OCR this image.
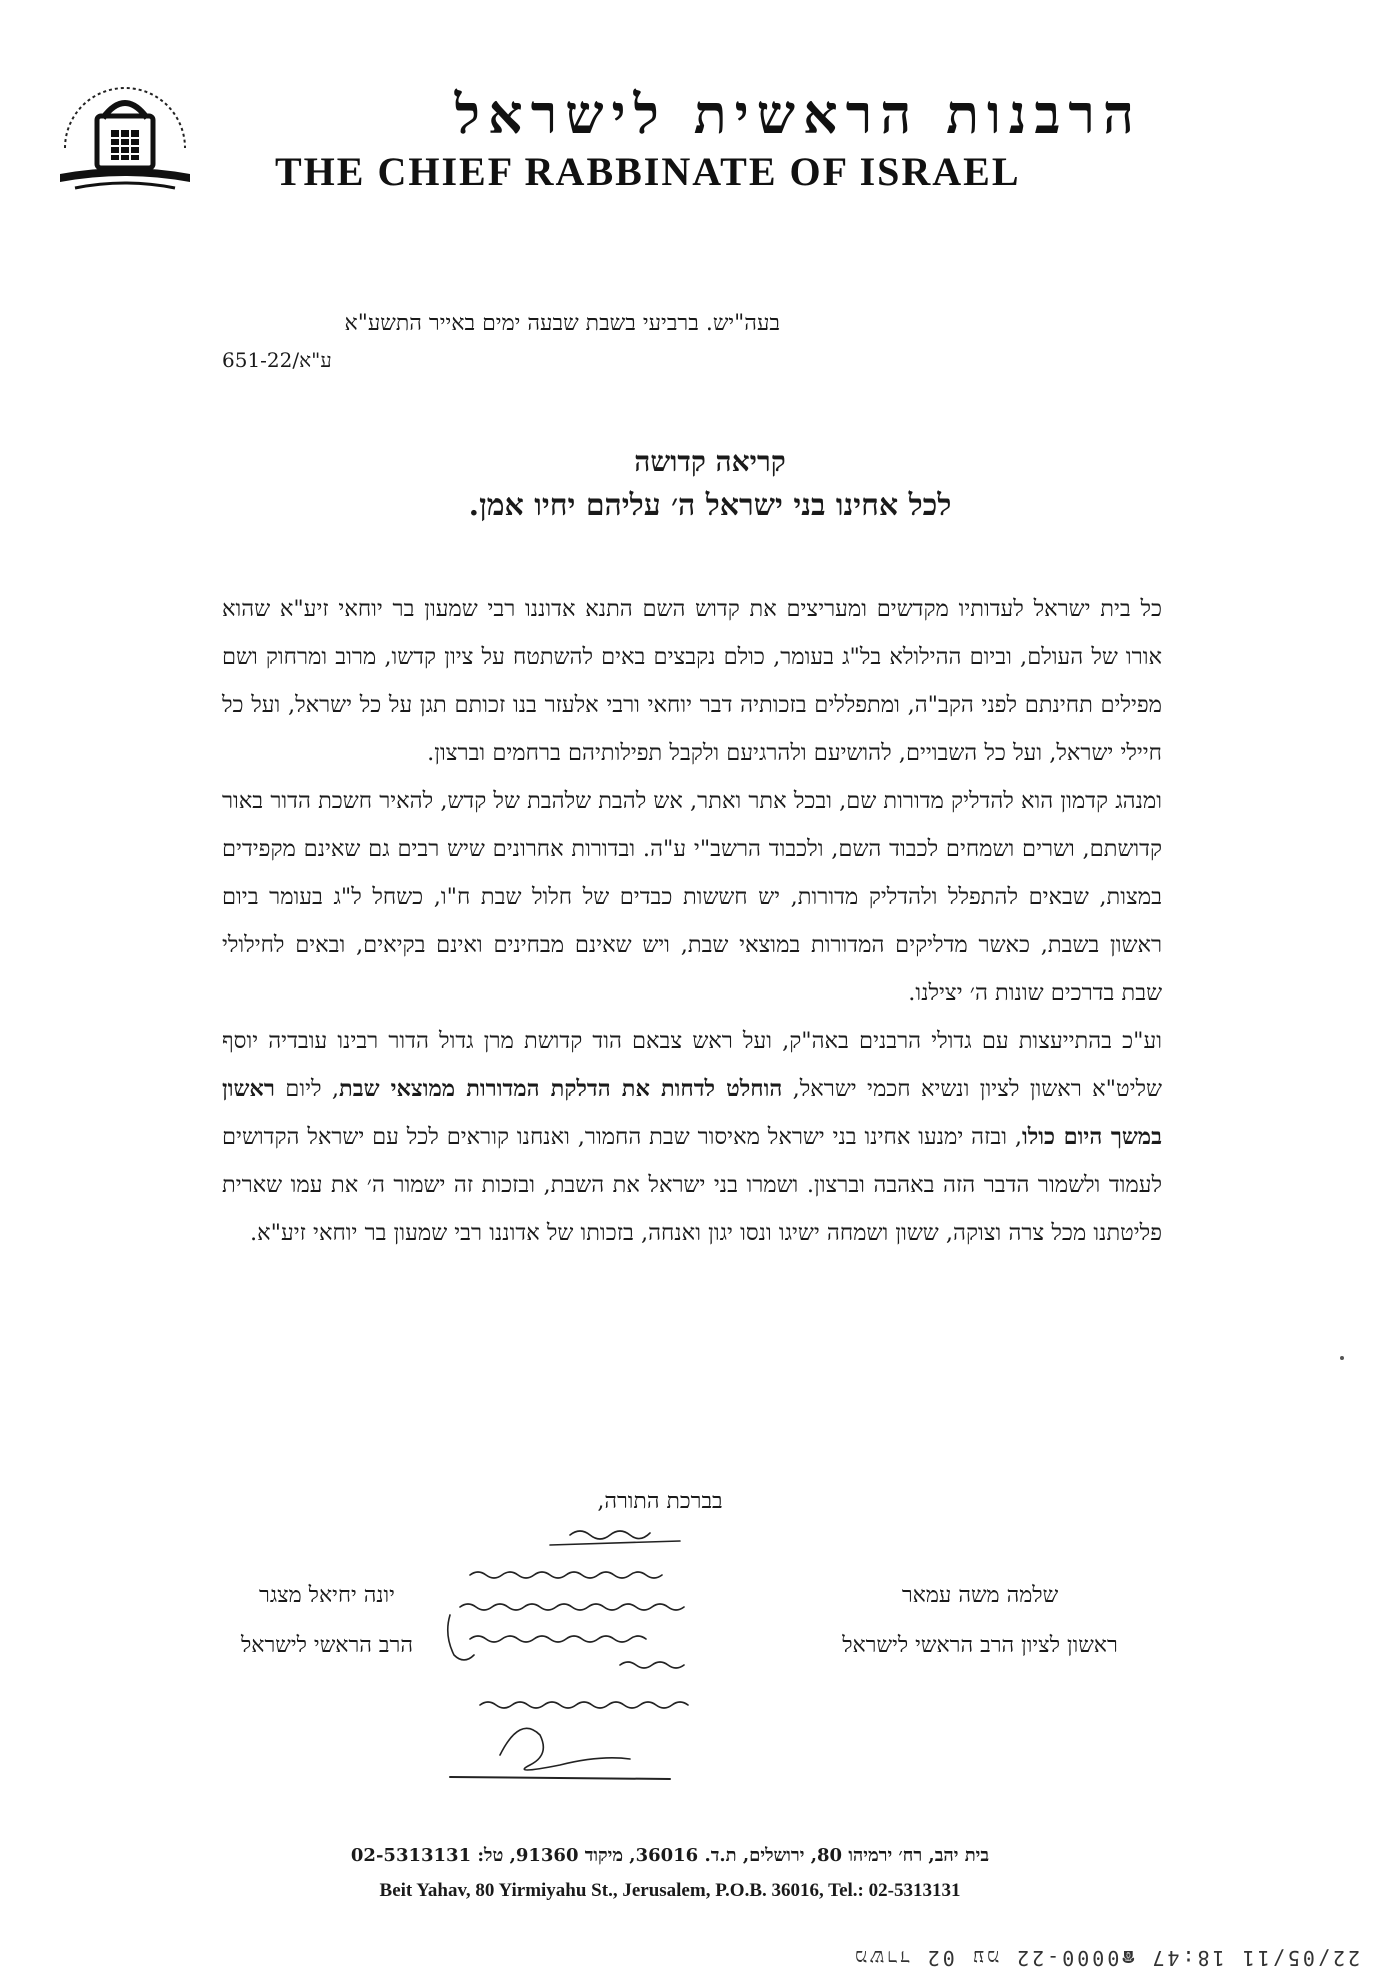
הרבנות הראשית לישראל
THE CHIEF RABBINATE OF ISRAEL
בעה"יש. ברביעי בשבת שבעה ימים באייר התשע"א
ע"א/651-22
קריאה קדושה
לכל אחינו בני ישראל ה׳ עליהם יחיו אמן.

כל בית ישראל לעדותיו מקדשים ומעריצים את קדוש השם התנא אדוננו רבי שמעון בר יוחאי זיע"א שהוא אורו של העולם, וביום ההילולא בל"ג בעומר, כולם נקבצים באים להשתטח על ציון קדשו, מרוב ומרחוק ושם מפילים תחינתם לפני הקב"ה, ומתפללים בזכותיה דבר יוחאי ורבי אלעזר בנו זכותם תגן על כל ישראל, ועל כל חיילי ישראל, ועל כל השבויים, להושיעם ולהרגיעם ולקבל תפילותיהם ברחמים וברצון.

ומנהג קדמון הוא להדליק מדורות שם, ובכל אתר ואתר, אש להבת שלהבת של קדש, להאיר חשכת הדור באור קדושתם, ושרים ושמחים לכבוד השם, ולכבוד הרשב"י ע"ה. ובדורות אחרונים שיש רבים גם שאינם מקפידים במצות, שבאים להתפלל ולהדליק מדורות, יש חששות כבדים של חלול שבת ח"ו, כשחל ל"ג בעומר ביום ראשון בשבת, כאשר מדליקים המדורות במוצאי שבת, ויש שאינם מבחינים ואינם בקיאים, ובאים לחילולי שבת בדרכים שונות ה׳ יצילנו.

וע"כ בהתייעצות עם גדולי הרבנים באה"ק, ועל ראש צבאם הוד קדושת מרן גדול הדור רבינו עובדיה יוסף שליט"א ראשון לציון ונשיא חכמי ישראל, הוחלט לדחות את הדלקת המדורות ממוצאי שבת, ליום ראשון במשך היום כולו, ובזה ימנעו אחינו בני ישראל מאיסור שבת החמור, ואנחנו קוראים לכל עם ישראל הקדושים לעמוד ולשמור הדבר הזה באהבה וברצון. ושמרו בני ישראל את השבת, ובזכות זה ישמור ה׳ את עמו שארית פליטתנו מכל צרה וצוקה, ששון ושמחה ישיגו ונסו יגון ואנחה, בזכותו של אדוננו רבי שמעון בר יוחאי זיע"א.

בברכת התורה,
יונה יחיאל מצגר
הרב הראשי לישראל
שלמה משה עמאר
ראשון לציון הרב הראשי לישראל
בית יהב, רח׳ ירמיהו 80, ירושלים, ת.ד. 36016, מיקוד 91360, טל: 02-5313131
Beit Yahav, 80 Yirmiyahu St., Jerusalem, P.O.B. 36016, Tel.: 02-5313131
22/05/11 18:47 ☎משרד 02 עמ 0000-22
